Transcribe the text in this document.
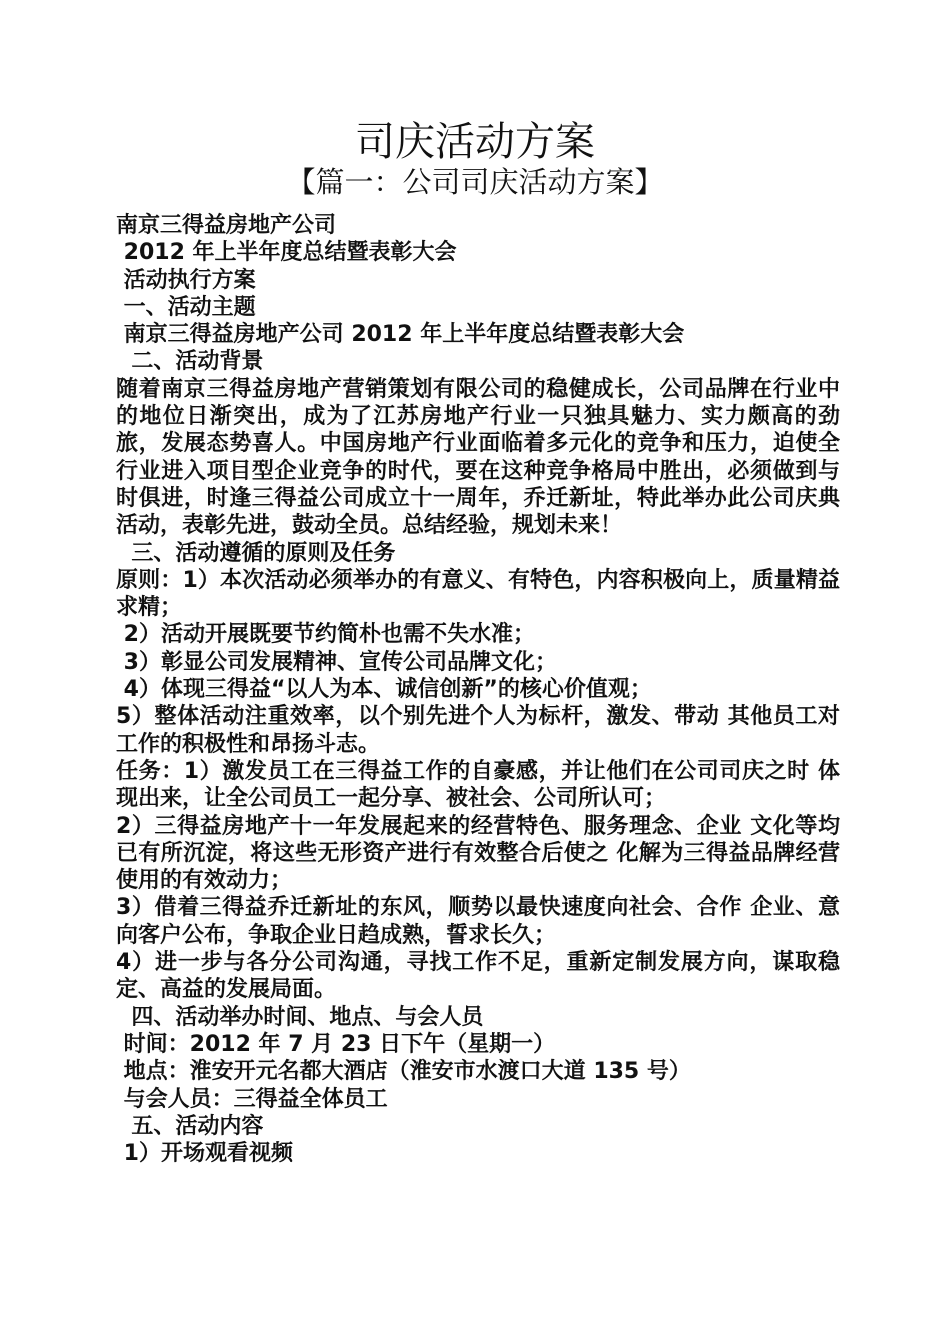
司庆活动方案
【篇一：公司司庆活动方案】

南京三得益房地产公司

2012 年上半年度总结暨表彰大会

活动执行方案

一、活动主题

南京三得益房地产公司 2012 年上半年度总结暨表彰大会

二、活动背景

随着南京三得益房地产营销策划有限公司的稳健成长，公司品牌在行业中的地位日渐突出，成为了江苏房地产行业一只独具魅力、实力颇高的劲旅，发展态势喜人。中国房地产行业面临着多元化的竞争和压力，迫使全行业进入项目型企业竞争的时代，要在这种竞争格局中胜出，必须做到与时俱进，时逢三得益公司成立十一周年，乔迁新址，特此举办此公司庆典活动，表彰先进，鼓动全员。总结经验，规划未来！

三、活动遵循的原则及任务

原则：1）本次活动必须举办的有意义、有特色，内容积极向上，质量精益求精；

2）活动开展既要节约简朴也需不失水准；

3）彰显公司发展精神、宣传公司品牌文化；

4）体现三得益“以人为本、诚信创新”的核心价值观；

5）整体活动注重效率，以个别先进个人为标杆，激发、带动 其他员工对工作的积极性和昂扬斗志。

任务：1）激发员工在三得益工作的自豪感，并让他们在公司司庆之时 体现出来，让全公司员工一起分享、被社会、公司所认可；

2）三得益房地产十一年发展起来的经营特色、服务理念、企业 文化等均已有所沉淀，将这些无形资产进行有效整合后使之 化解为三得益品牌经营使用的有效动力；

3）借着三得益乔迁新址的东风，顺势以最快速度向社会、合作 企业、意向客户公布，争取企业日趋成熟，誓求长久；

4）进一步与各分公司沟通，寻找工作不足，重新定制发展方向，谋取稳定、高益的发展局面。

四、活动举办时间、地点、与会人员

时间：2012 年 7 月 23 日下午（星期一）

地点：淮安开元名都大酒店（淮安市水渡口大道 135 号）

与会人员：三得益全体员工

五、活动内容

1）开场观看视频
